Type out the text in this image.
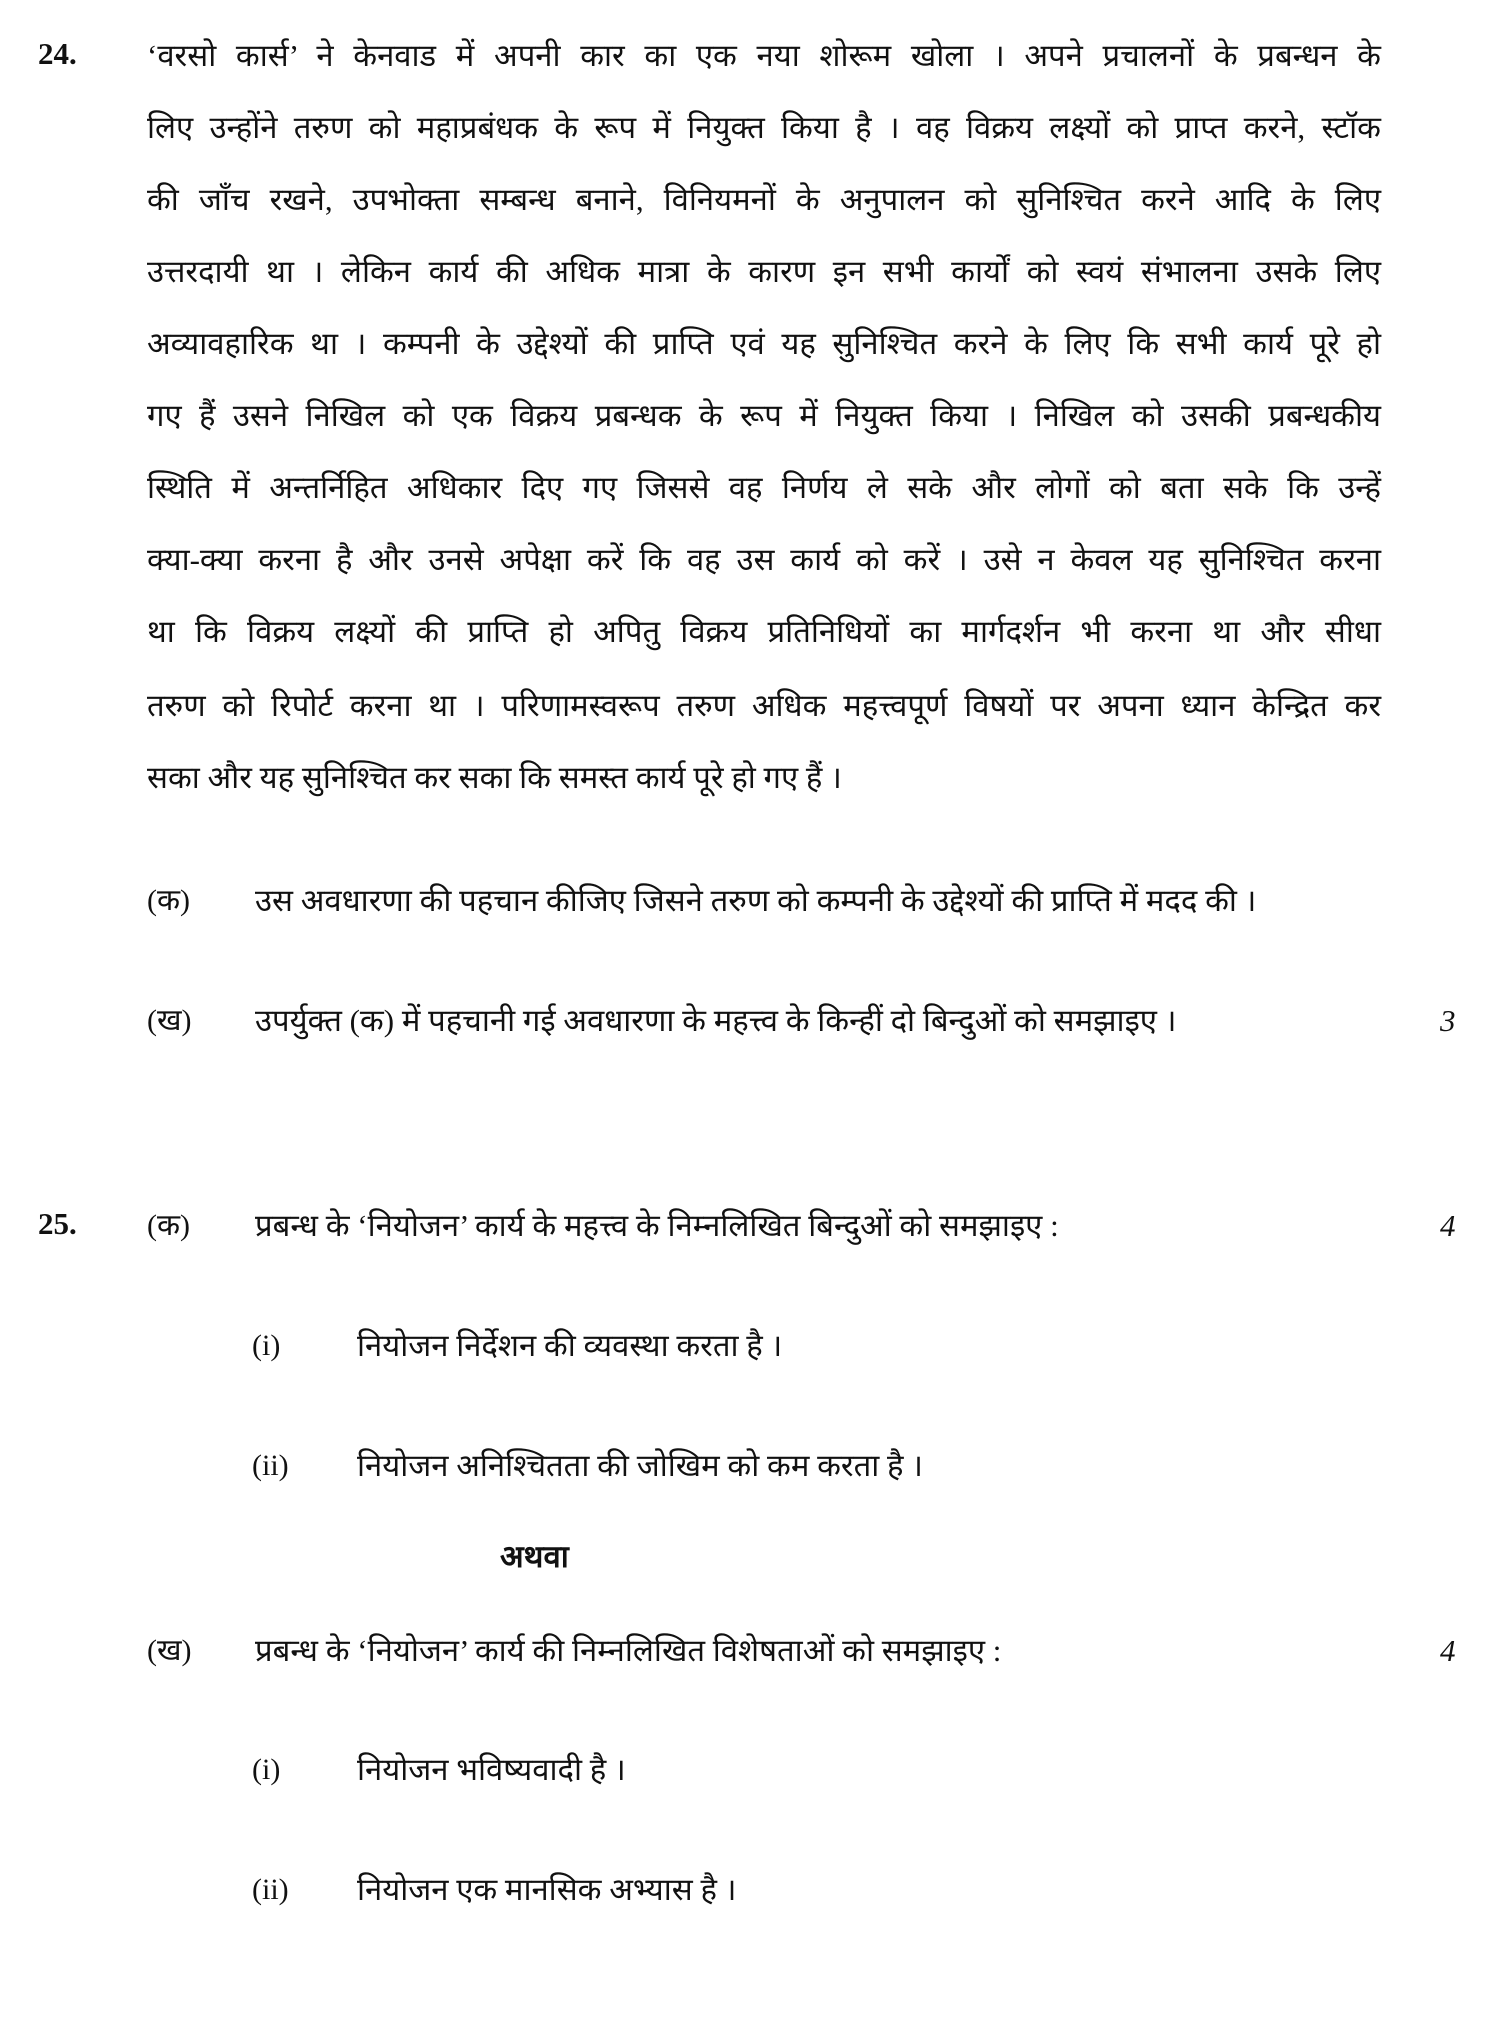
24. ‘वरसो कार्स’ ने केनवाड में अपनी कार का एक नया शोरूम खोला । अपने प्रचालनों के प्रबन्धन के
लिए उन्होंने तरुण को महाप्रबंधक के रूप में नियुक्त किया है । वह विक्रय लक्ष्यों को प्राप्त करने, स्टॉक
की जाँच रखने, उपभोक्ता सम्बन्ध बनाने, विनियमनों के अनुपालन को सुनिश्चित करने आदि के लिए
उत्तरदायी था । लेकिन कार्य की अधिक मात्रा के कारण इन सभी कार्यों को स्वयं संभालना उसके लिए
अव्यावहारिक था । कम्पनी के उद्देश्यों की प्राप्ति एवं यह सुनिश्चित करने के लिए कि सभी कार्य पूरे हो
गए हैं उसने निखिल को एक विक्रय प्रबन्धक के रूप में नियुक्त किया । निखिल को उसकी प्रबन्धकीय
स्थिति में अन्तर्निहित अधिकार दिए गए जिससे वह निर्णय ले सके और लोगों को बता सके कि उन्हें
क्या-क्या करना है और उनसे अपेक्षा करें कि वह उस कार्य को करें । उसे न केवल यह सुनिश्चित करना
था कि विक्रय लक्ष्यों की प्राप्ति हो अपितु विक्रय प्रतिनिधियों का मार्गदर्शन भी करना था और सीधा
तरुण को रिपोर्ट करना था । परिणामस्वरूप तरुण अधिक महत्त्वपूर्ण विषयों पर अपना ध्यान केन्द्रित कर
सका और यह सुनिश्चित कर सका कि समस्त कार्य पूरे हो गए हैं ।
(क) उस अवधारणा की पहचान कीजिए जिसने तरुण को कम्पनी के उद्देश्यों की प्राप्ति में मदद की ।
(ख) उपर्युक्त (क) में पहचानी गई अवधारणा के महत्त्व के किन्हीं दो बिन्दुओं को समझाइए ।	3
25. (क) प्रबन्ध के ‘नियोजन’ कार्य के महत्त्व के निम्नलिखित बिन्दुओं को समझाइए :	4
(i) नियोजन निर्देशन की व्यवस्था करता है ।
(ii) नियोजन अनिश्चितता की जोखिम को कम करता है ।
अथवा
(ख) प्रबन्ध के ‘नियोजन’ कार्य की निम्नलिखित विशेषताओं को समझाइए :	4
(i) नियोजन भविष्यवादी है ।
(ii) नियोजन एक मानसिक अभ्यास है ।
